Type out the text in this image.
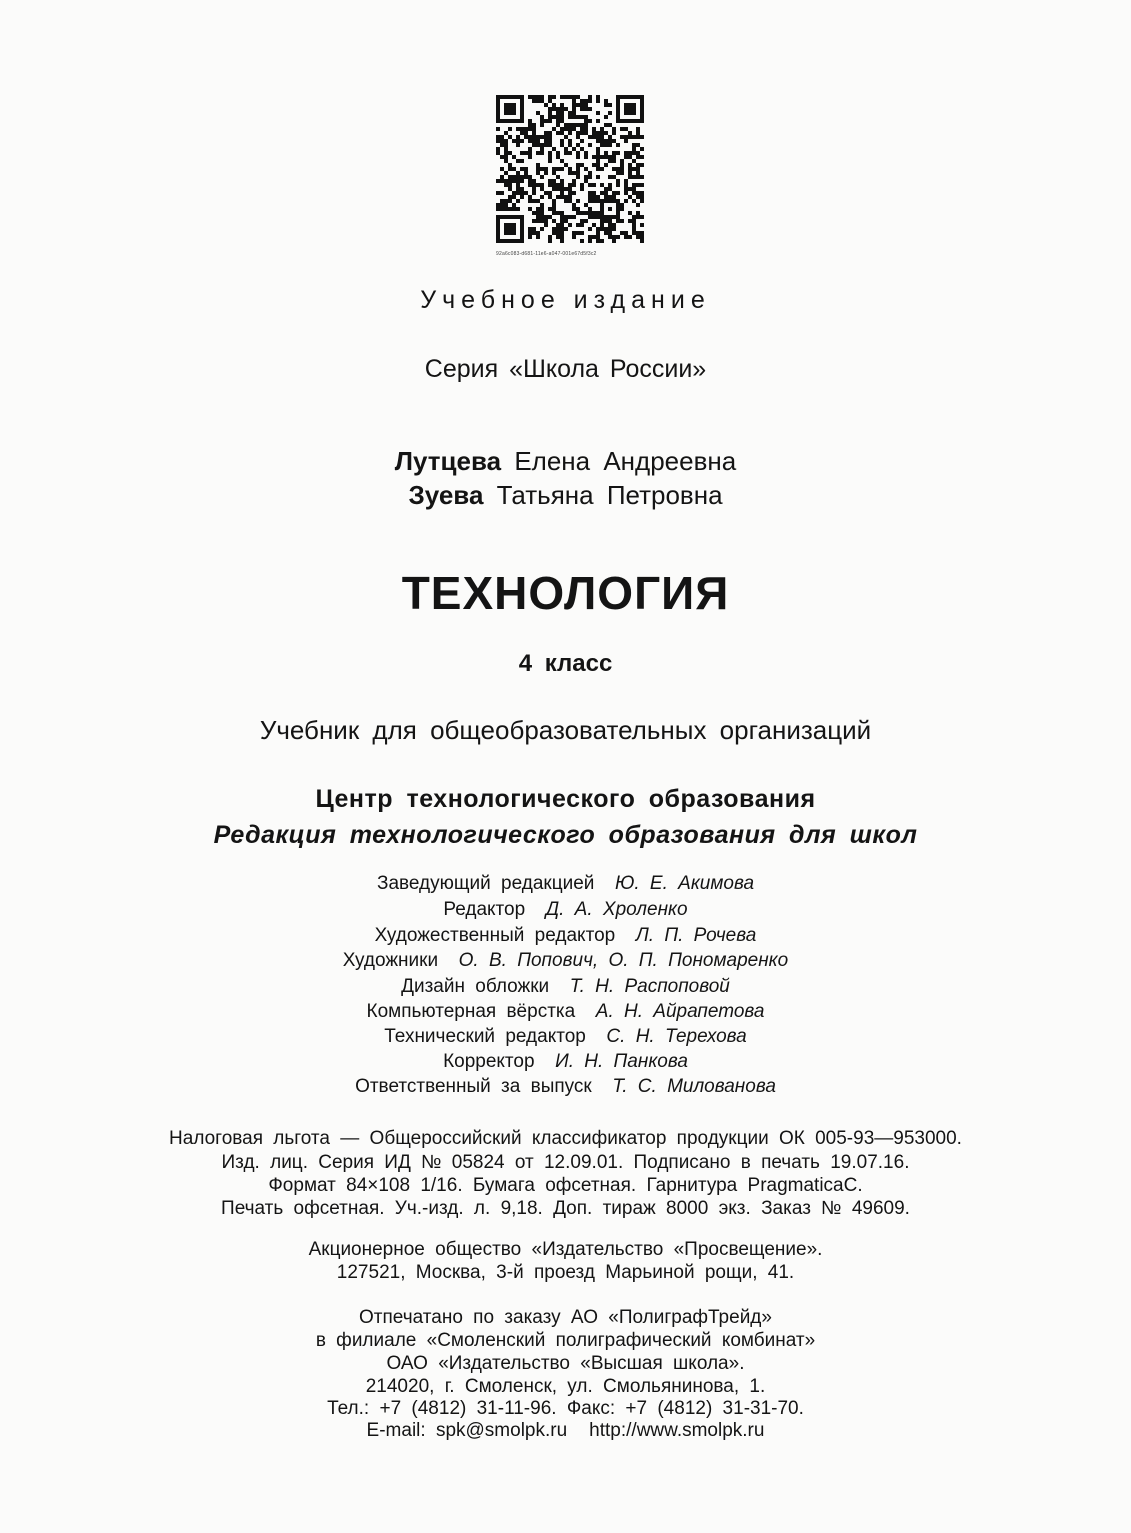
92a6c083-d681-11e6-a047-001e67d5f3c2
Учебное издание
Серия «Школа России»
Лутцева Елена Андреевна
Зуева Татьяна Петровна
ТЕХНОЛОГИЯ
4 класс
Учебник для общеобразовательных организаций
Центр технологического образования
Редакция технологического образования для школ
Заведующий редакцией Ю. Е. Акимова
Редактор Д. А. Хроленко
Художественный редактор Л. П. Рочева
Художники О. В. Попович, О. П. Пономаренко
Дизайн обложки Т. Н. Распоповой
Компьютерная вёрстка А. Н. Айрапетова
Технический редактор С. Н. Терехова
Корректор И. Н. Панкова
Ответственный за выпуск Т. С. Милованова
Налоговая льгота — Общероссийский классификатор продукции ОК 005-93—953000.
Изд. лиц. Серия ИД № 05824 от 12.09.01. Подписано в печать 19.07.16.
Формат 84×108 1/16. Бумага офсетная. Гарнитура PragmaticaC.
Печать офсетная. Уч.-изд. л. 9,18. Доп. тираж 8000 экз. Заказ № 49609.
Акционерное общество «Издательство «Просвещение».
127521, Москва, 3-й проезд Марьиной рощи, 41.
Отпечатано по заказу АО «ПолиграфТрейд»
в филиале «Смоленский полиграфический комбинат»
ОАО «Издательство «Высшая школа».
214020, г. Смоленск, ул. Смольянинова, 1.
Тел.: +7 (4812) 31-11-96. Факс: +7 (4812) 31-31-70.
E-mail: spk@smolpk.ru http://www.smolpk.ru
